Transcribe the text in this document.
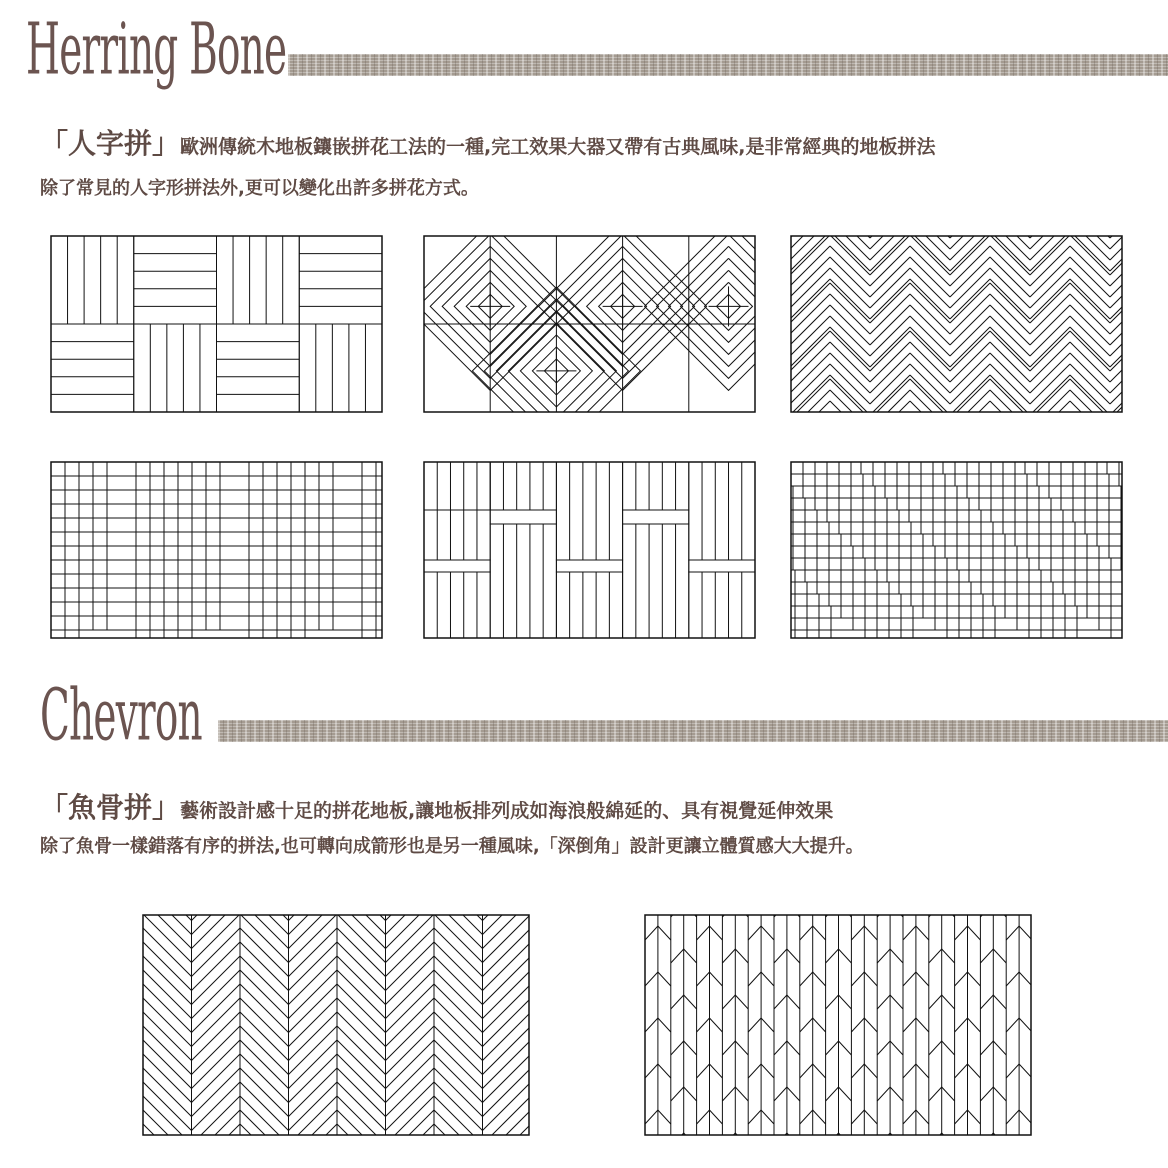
Herring Bone
「人字拼」歐洲傳統木地板鑲嵌拼花工法的一種,完工效果大器又帶有古典風味,是非常經典的地板拼法
除了常見的人字形拼法外,更可以變化出許多拼花方式。
Chevron
「魚骨拼」藝術設計感十足的拼花地板,讓地板排列成如海浪般綿延的、具有視覺延伸效果
除了魚骨一樣錯落有序的拼法,也可轉向成箭形也是另一種風味,「深倒角」設計更讓立體質感大大提升。
